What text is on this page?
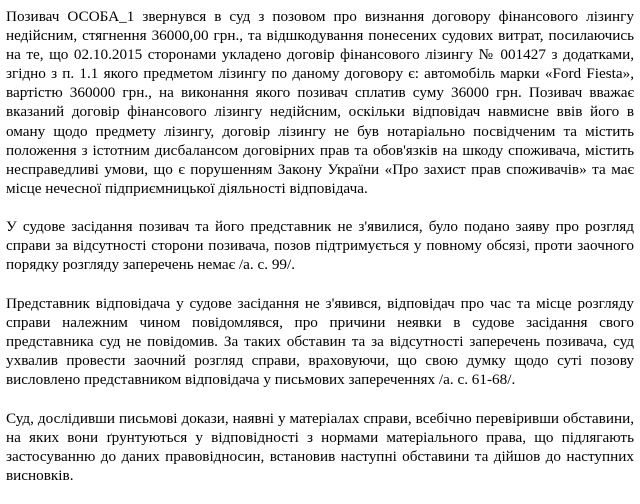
Позивач ОСОБА_1 звернувся в суд з позовом про визнання договору фінансового лізингу недійсним, стягнення 36000,00 грн., та відшкодування понесених судових витрат, посилаючись на те, що 02.10.2015 сторонами укладено договір фінансового лізингу № 001427 з додатками, згідно з п. 1.1 якого предметом лізингу по даному договору є: автомобіль марки «Ford Fiesta», вартістю 360000 грн., на виконання якого позивач сплатив суму 36000 грн. Позивач вважає вказаний договір фінансового лізингу недійсним, оскільки відповідач навмисне ввів його в оману щодо предмету лізингу, договір лізингу не був нотаріально посвідченим та містить положення з істотним дисбалансом договірних прав та обов'язків на шкоду споживача, містить несправедливі умови, що є порушенням Закону України «Про захист прав споживачів» та має місце нечесної підприємницької діяльності відповідача.

У судове засідання позивач та його представник не з'явилися, було подано заяву про розгляд справи за відсутності сторони позивача, позов підтримується у повному обсязі, проти заочного порядку розгляду заперечень немає /а. с. 99/.

Представник відповідача у судове засідання не з'явився, відповідач про час та місце розгляду справи належним чином повідомлявся, про причини неявки в судове засідання свого представника суд не повідомив. За таких обставин та за відсутності заперечень позивача, суд ухвалив провести заочний розгляд справи, враховуючи, що свою думку щодо суті позову висловлено представником відповідача у письмових запереченнях /а. с. 61-68/.

Суд, дослідивши письмові докази, наявні у матеріалах справи, всебічно перевіривши обставини, на яких вони ґрунтуються у відповідності з нормами матеріального права, що підлягають застосуванню до даних правовідносин, встановив наступні обставини та дійшов до наступних висновків.
